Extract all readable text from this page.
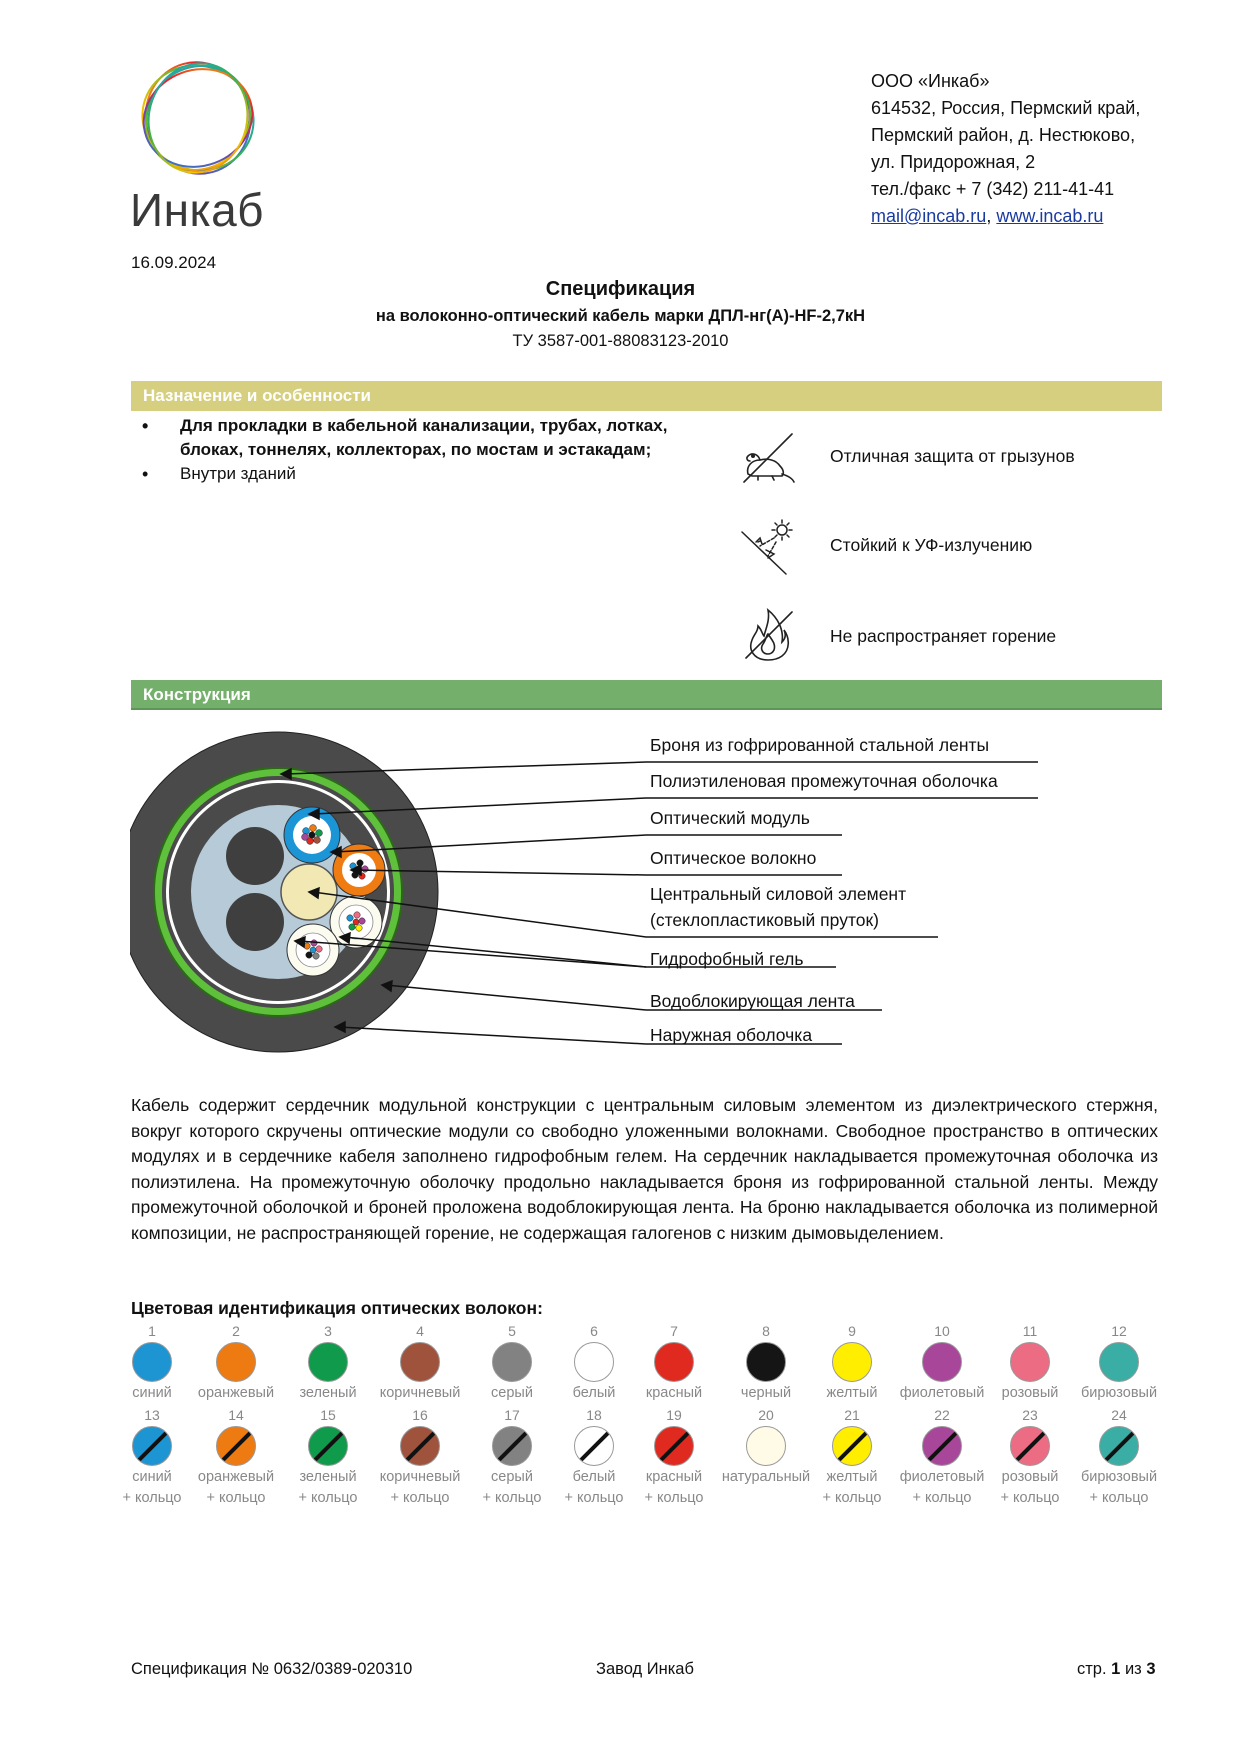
Инкаб
ООО «Инкаб»
614532, Россия, Пермский край,
Пермский район, д. Нестюково,
ул. Придорожная, 2
тел./факс + 7 (342) 211-41-41
mail@incab.ru, www.incab.ru
16.09.2024
Спецификация
на волоконно-оптический кабель марки ДПЛ-нг(А)-HF-2,7кН
ТУ 3587-001-88083123-2010
Назначение и особенности
• Для прокладки в кабельной канализации, трубах, лотках, блоках, тоннелях, коллекторах, по мостам и эстакадам;
• Внутри зданий
Отличная защита от грызунов
Стойкий к УФ-излучению
Не распространяет горение
Конструкция
Броня из гофрированной стальной ленты
Полиэтиленовая промежуточная оболочка
Оптический модуль
Оптическое волокно
Центральный силовой элемент
(стеклопластиковый пруток)
Гидрофобный гель
Водоблокирующая лента
Наружная оболочка
Кабель содержит сердечник модульной конструкции с центральным силовым элементом из диэлектрического стержня, вокруг которого скручены оптические модули со свободно уложенными волокнами. Свободное пространство в оптических модулях и в сердечнике кабеля заполнено гидрофобным гелем. На сердечник накладывается промежуточная оболочка из полиэтилена. На промежуточную оболочку продольно накладывается броня из гофрированной стальной ленты. Между промежуточной оболочкой и броней проложена водоблокирующая лента. На броню накладывается оболочка из полимерной композиции, не распространяющей горение, не содержащая галогенов с низким дымовыделением.
Цветовая идентификация оптических волокон:
1
синий
2
оранжевый
3
зеленый
4
коричневый
5
серый
6
белый
7
красный
8
черный
9
желтый
10
фиолетовый
11
розовый
12
бирюзовый
13
синий
+ кольцо
14
оранжевый
+ кольцо
15
зеленый
+ кольцо
16
коричневый
+ кольцо
17
серый
+ кольцо
18
белый
+ кольцо
19
красный
+ кольцо
20
натуральный
21
желтый
+ кольцо
22
фиолетовый
+ кольцо
23
розовый
+ кольцо
24
бирюзовый
+ кольцо
Спецификация № 0632/0389-020310	Завод Инкаб	стр. 1 из 3
